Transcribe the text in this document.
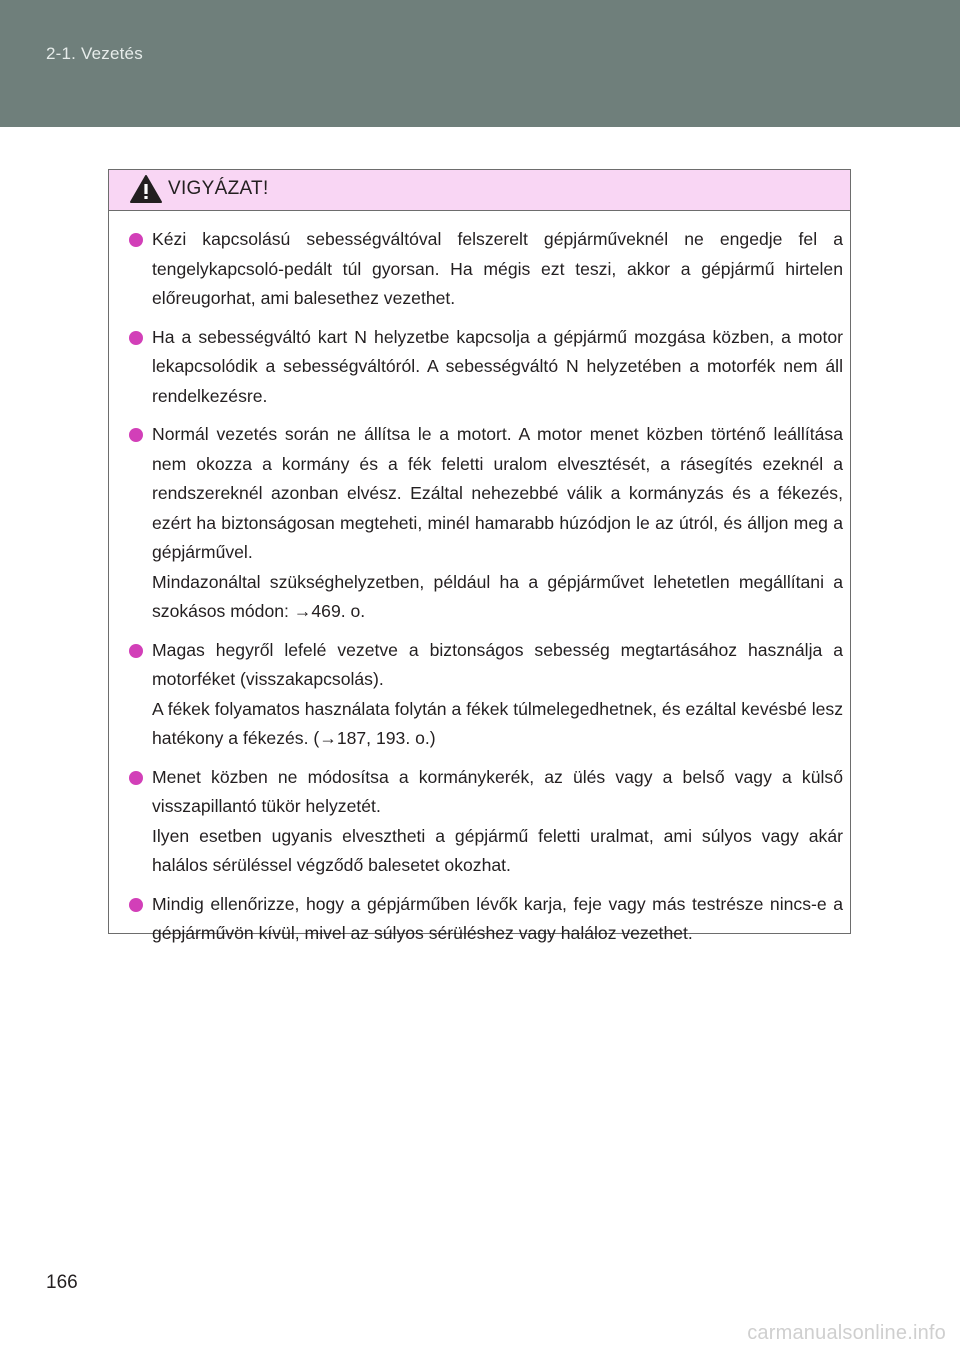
2-1. Vezetés
VIGYÁZAT!

Kézi kapcsolású sebességváltóval felszerelt gépjárműveknél ne engedje fel a tengelykapcsoló-pedált túl gyorsan. Ha mégis ezt teszi, akkor a gépjármű hirtelen előreugorhat, ami balesethez vezethet.

Ha a sebességváltó kart N helyzetbe kapcsolja a gépjármű mozgása közben, a motor lekapcsolódik a sebességváltóról. A sebességváltó N helyzetében a motorfék nem áll rendelkezésre.

Normál vezetés során ne állítsa le a motort. A motor menet közben történő leállítása nem okozza a kormány és a fék feletti uralom elvesztését, a rásegítés ezeknél a rendszereknél azonban elvész. Ezáltal nehezebbé válik a kormányzás és a fékezés, ezért ha biztonságosan megteheti, minél hamarabb húzódjon le az útról, és álljon meg a gépjárművel.

Mindazonáltal szükséghelyzetben, például ha a gépjárművet lehetetlen megállítani a szokásos módon: →469. o.

Magas hegyről lefelé vezetve a biztonságos sebesség megtartásához használja a motorféket (visszakapcsolás).

A fékek folyamatos használata folytán a fékek túlmelegedhetnek, és ezáltal kevésbé lesz hatékony a fékezés. (→187, 193. o.)

Menet közben ne módosítsa a kormánykerék, az ülés vagy a belső vagy a külső visszapillantó tükör helyzetét.

Ilyen esetben ugyanis elvesztheti a gépjármű feletti uralmat, ami súlyos vagy akár halálos sérüléssel végződő balesetet okozhat.

Mindig ellenőrizze, hogy a gépjárműben lévők karja, feje vagy más testrésze nincs-e a gépjárművön kívül, mivel az súlyos sérüléshez vagy haláloz vezethet.

166
carmanualsonline.info
